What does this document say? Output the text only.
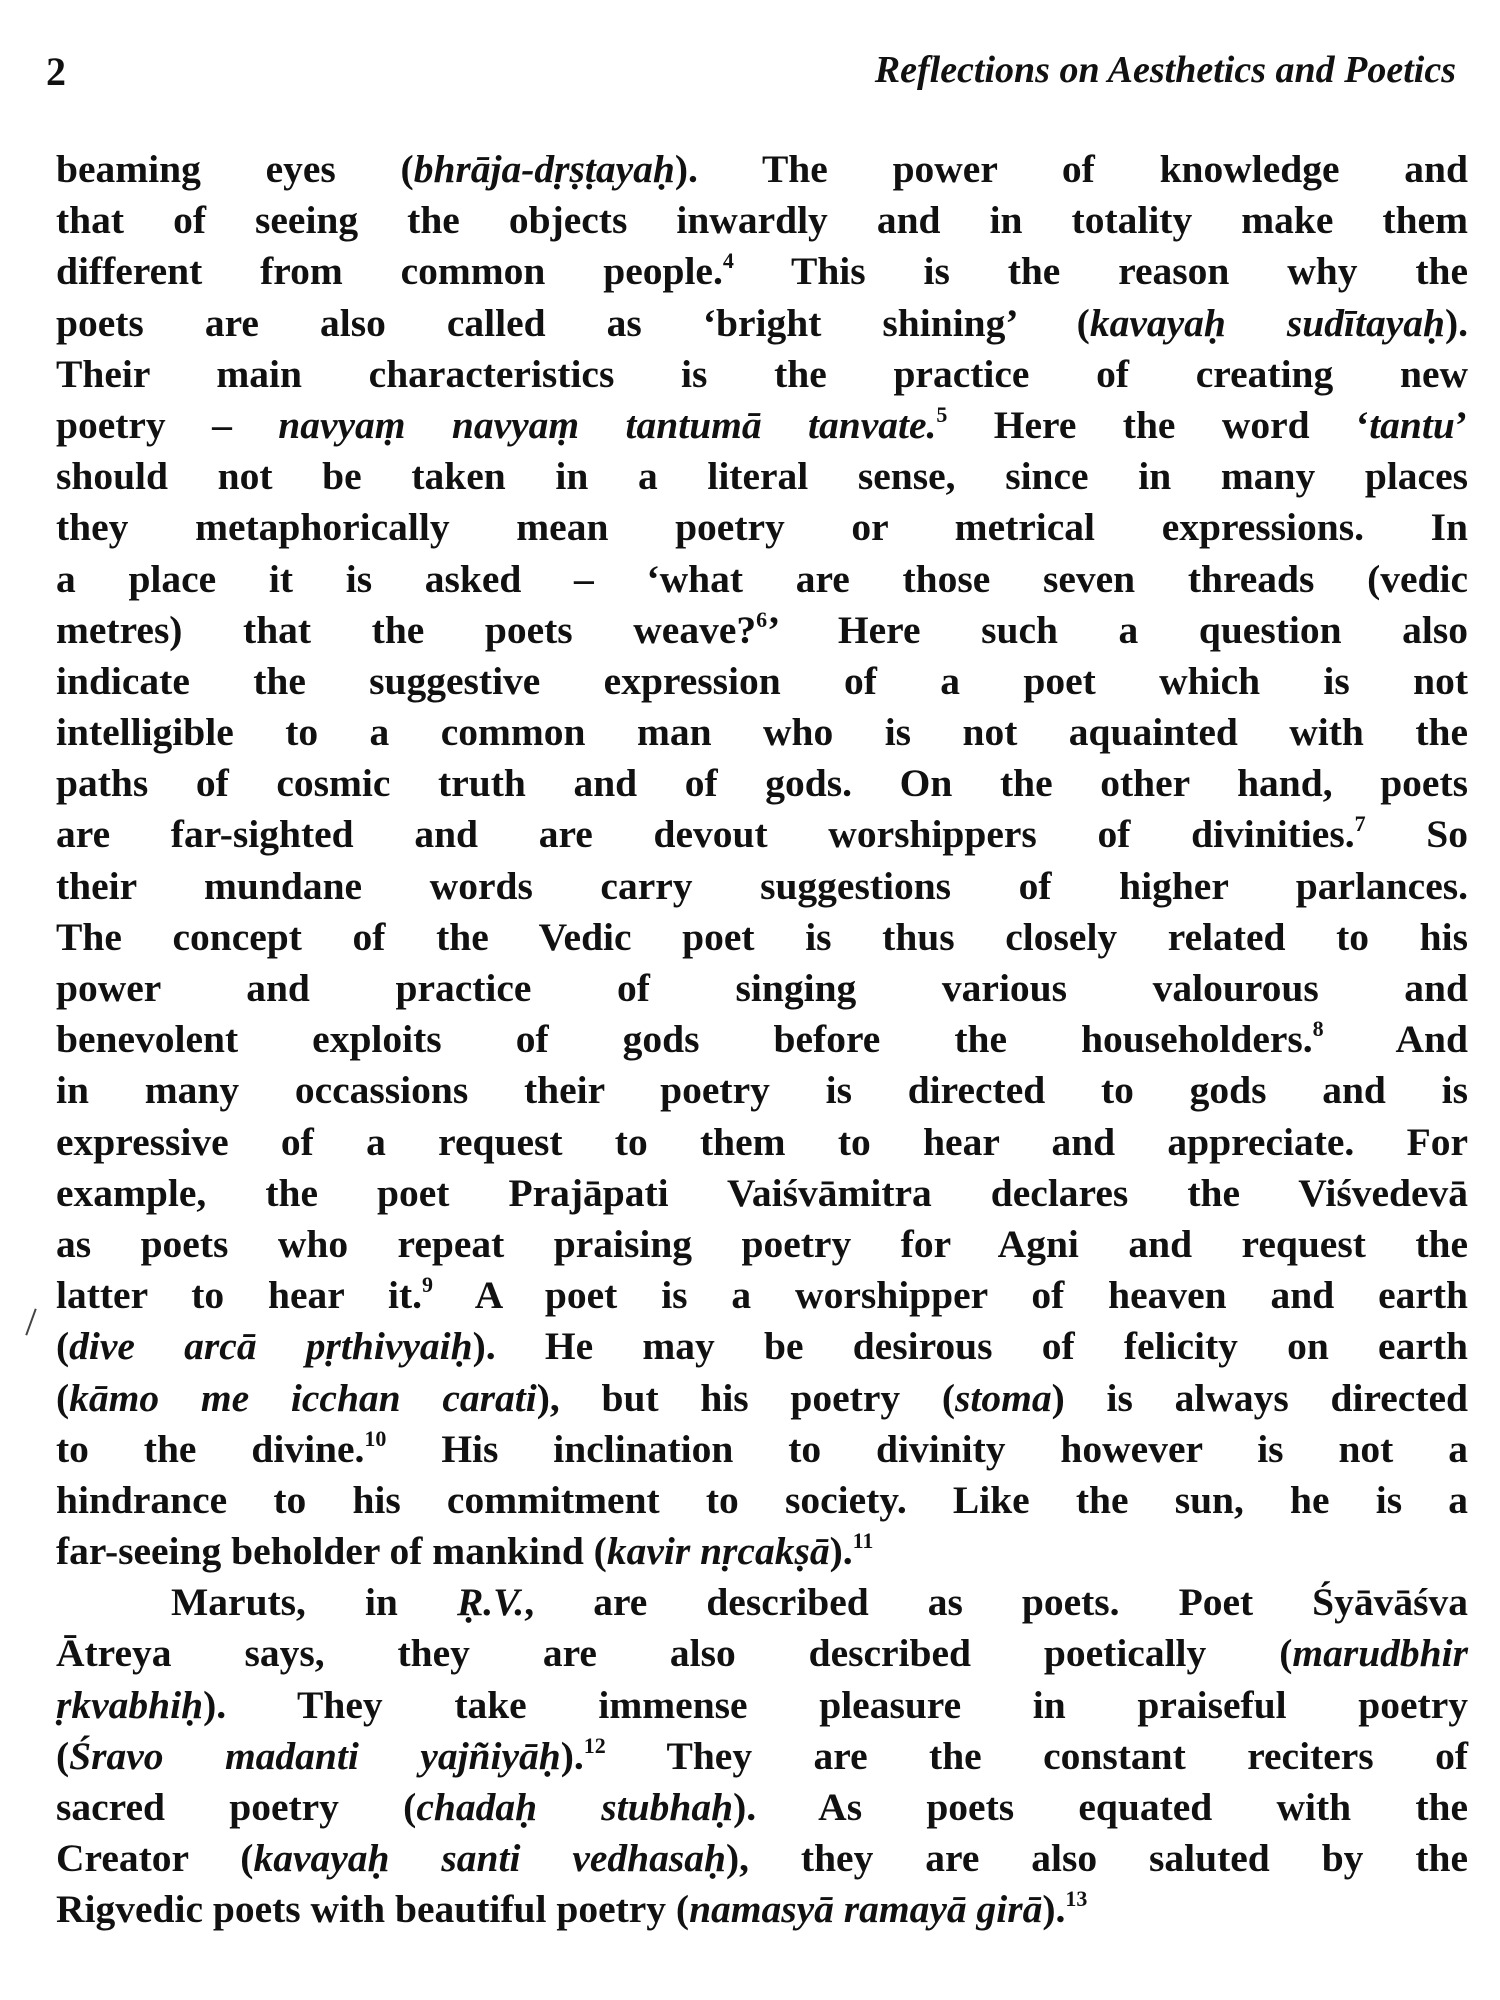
2	Reflections on Aesthetics and Poetics
beaming eyes (bhrāja-dṛṣṭayaḥ). The power of knowledge and
that of seeing the objects inwardly and in totality make them
different from common people.$^4$ This is the reason why the
poets are also called as ‘bright shining’ (kavayaḥ sudītayaḥ).
Their main characteristics is the practice of creating new
poetry – navyaṃ navyaṃ tantumā tanvate.$^5$ Here the word ‘tantu’
should not be taken in a literal sense, since in many places
they metaphorically mean poetry or metrical expressions. In
a place it is asked – ‘what are those seven threads (vedic
metres) that the poets weave?$^6$’ Here such a question also
indicate the suggestive expression of a poet which is not
intelligible to a common man who is not aquainted with the
paths of cosmic truth and of gods. On the other hand, poets
are far-sighted and are devout worshippers of divinities.$^7$ So
their mundane words carry suggestions of higher parlances.
The concept of the Vedic poet is thus closely related to his
power and practice of singing various valourous and
benevolent exploits of gods before the householders.$^8$ And
in many occassions their poetry is directed to gods and is
expressive of a request to them to hear and appreciate. For
example, the poet Prajāpati Vaiśvāmitra declares the Viśvedevā
as poets who repeat praising poetry for Agni and request the
latter to hear it.$^9$ A poet is a worshipper of heaven and earth
(dive arcā pṛthivyaiḥ). He may be desirous of felicity on earth
(kāmo me icchan carati), but his poetry (stoma) is always directed
to the divine.$^{10}$ His inclination to divinity however is not a
hindrance to his commitment to society. Like the sun, he is a
far-seeing beholder of mankind (kavir nṛcakṣā).$^{11}$
Maruts, in Ṛ.V., are described as poets. Poet Śyāvāśva
Ātreya says, they are also described poetically (marudbhir
ṛkvabhiḥ). They take immense pleasure in praiseful poetry
(Śravo madanti yajñiyāḥ).$^{12}$ They are the constant reciters of
sacred poetry (chadaḥ stubhaḥ). As poets equated with the
Creator (kavayaḥ santi vedhasaḥ), they are also saluted by the
Rigvedic poets with beautiful poetry (namasyā ramayā girā).$^{13}$
